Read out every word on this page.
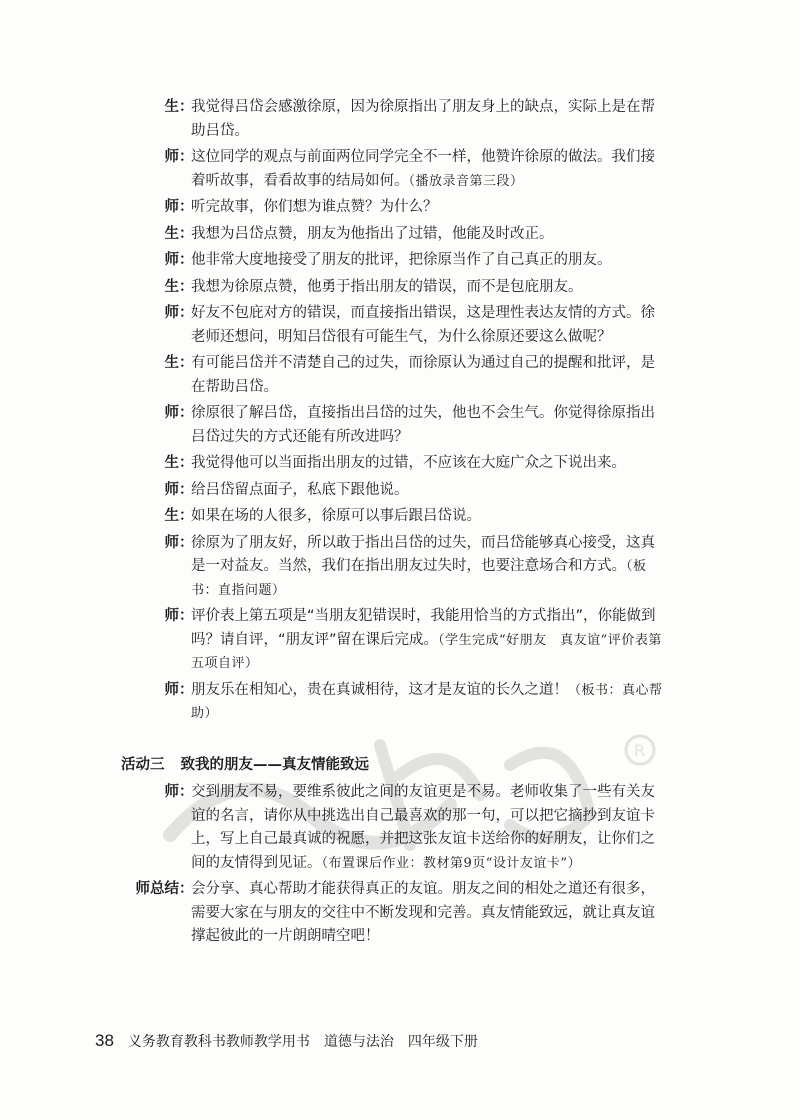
R
生 ：
我觉得吕岱会感激徐原，因为徐原指出了朋友身上的缺点，实际上是在帮助吕岱。
师 ：
这位同学的观点与前面两位同学完全不一样，他赞许徐原的做法。我们接着听故事，看看故事的结局如何。（播放录音第三段）
师 ：
听完故事，你们想为谁点赞？为什么？
生 ：
我想为吕岱点赞，朋友为他指出了过错，他能及时改正。
师 ：
他非常大度地接受了朋友的批评，把徐原当作了自己真正的朋友。
生 ：
我想为徐原点赞，他勇于指出朋友的错误，而不是包庇朋友。
师 ：
好友不包庇对方的错误，而直接指出错误，这是理性表达友情的方式。徐老师还想问，明知吕岱很有可能生气，为什么徐原还要这么做呢？
生 ：
有可能吕岱并不清楚自己的过失，而徐原认为通过自己的提醒和批评，是在帮助吕岱。
师 ：
徐原很了解吕岱，直接指出吕岱的过失，他也不会生气。你觉得徐原指出吕岱过失的方式还能有所改进吗？
生 ：
我觉得他可以当面指出朋友的过错，不应该在大庭广众之下说出来。
师 ：
给吕岱留点面子，私底下跟他说。
生 ：
如果在场的人很多，徐原可以事后跟吕岱说。
师 ：
徐原为了朋友好，所以敢于指出吕岱的过失，而吕岱能够真心接受，这真是一对益友。当然，我们在指出朋友过失时，也要注意场合和方式。（板书：直指问题）
师 ：
评价表上第五项是“当朋友犯错误时，我能用恰当的方式指出”，你能做到吗？请自评，“朋友评”留在课后完成。（学生完成“好朋友　真友谊”评价表第五项自评）
师 ：
朋友乐在相知心，贵在真诚相待，这才是友谊的长久之道！（板书：真心帮助）
活动三 致我的朋友——真友情能致远
师 ：
交到朋友不易，要维系彼此之间的友谊更是不易。老师收集了一些有关友谊的名言，请你从中挑选出自己最喜欢的那一句，可以把它摘抄到友谊卡上，写上自己最真诚的祝愿，并把这张友谊卡送给你的好朋友，让你们之间的友情得到见证。（布置课后作业：教材第9页“设计友谊卡”）
师总结 ：
会分享、真心帮助才能获得真正的友谊。朋友之间的相处之道还有很多，需要大家在与朋友的交往中不断发现和完善。真友情能致远，就让真友谊撑起彼此的一片朗朗晴空吧！
38 义务教育教科书教师教学用书 道德与法治 四年级下册
